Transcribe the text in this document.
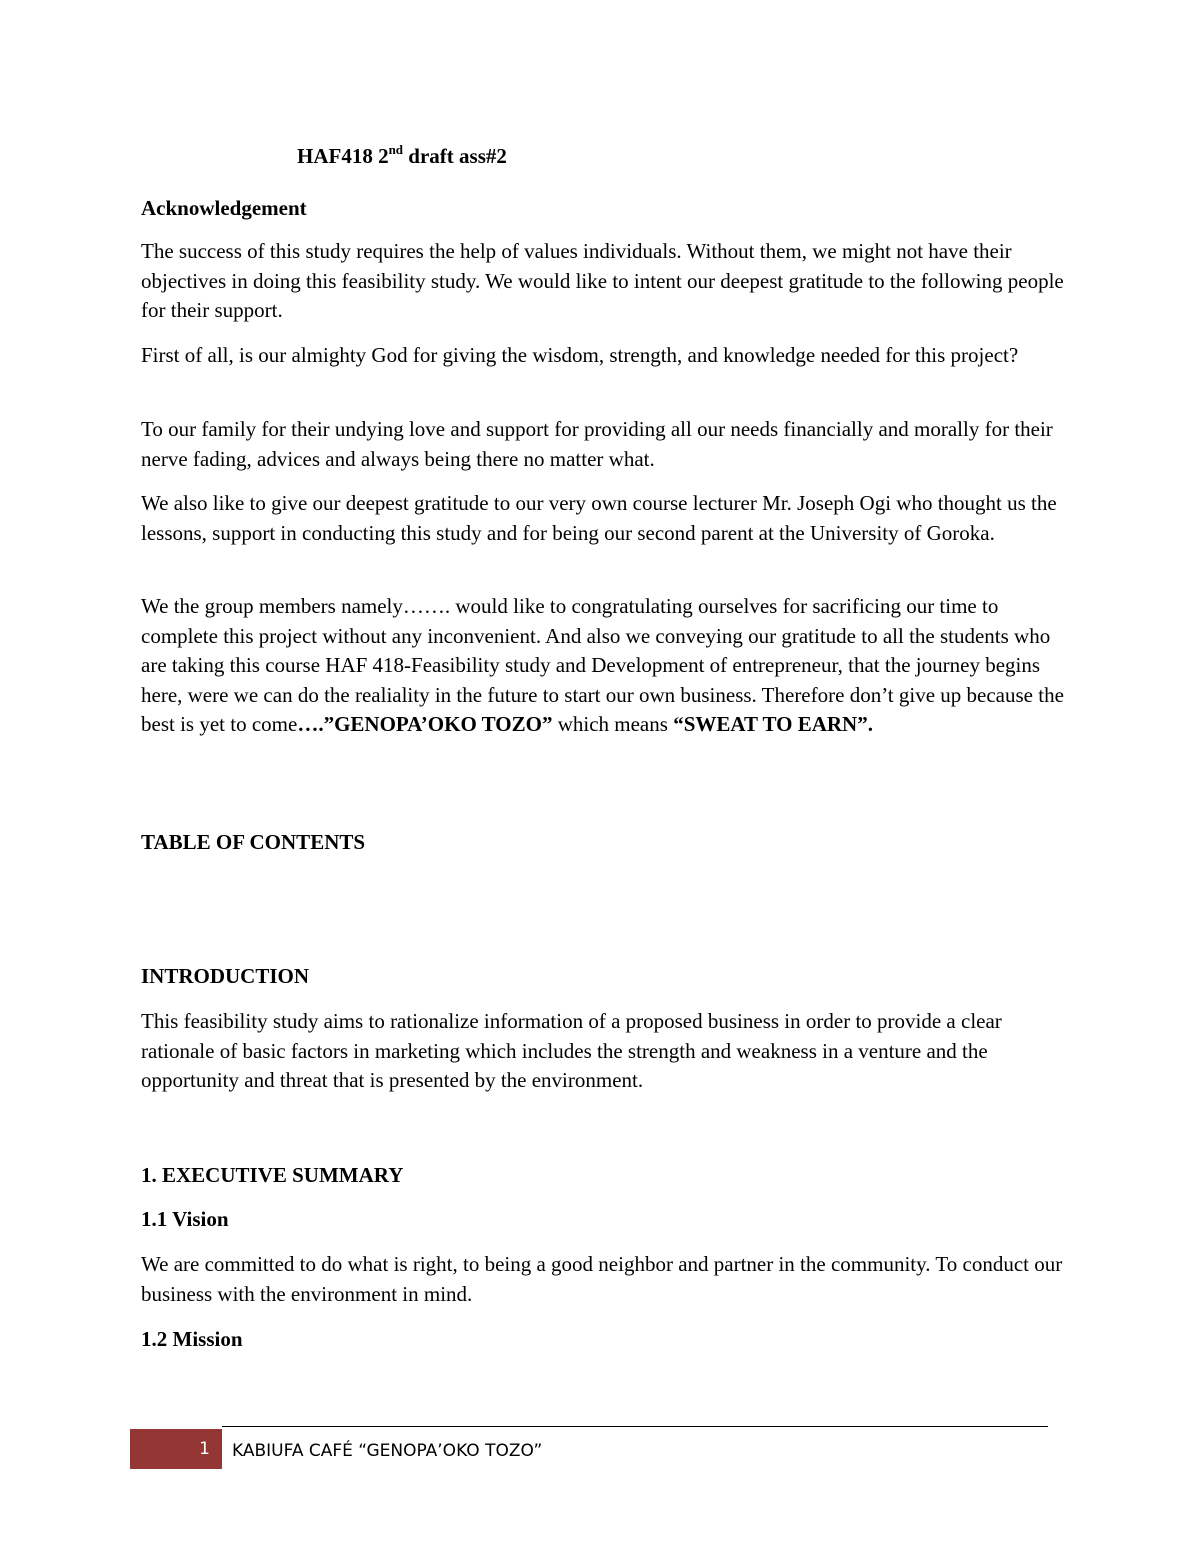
HAF418 2nd draft ass#2

Acknowledgement

The success of this study requires the help of values individuals. Without them, we might not have their objectives in doing this feasibility study. We would like to intent our deepest gratitude to the following people for their support.

First of all, is our almighty God for giving the wisdom, strength, and knowledge needed for this project?

To our family for their undying love and support for providing all our needs financially and morally for their nerve fading, advices and always being there no matter what.

We also like to give our deepest gratitude to our very own course lecturer Mr. Joseph Ogi who thought us the lessons, support in conducting this study and for being our second parent at the University of Goroka.

We the group members namely……. would like to congratulating ourselves for sacrificing our time to complete this project without any inconvenient. And also we conveying our gratitude to all the students who are taking this course HAF 418-Feasibility study and Development of entrepreneur, that the journey begins here, were we can do the realiality in the future to start our own business. Therefore don’t give up because the best is yet to come….”GENOPA’OKO TOZO” which means “SWEAT TO EARN”.

TABLE OF CONTENTS

INTRODUCTION

This feasibility study aims to rationalize information of a proposed business in order to provide a clear rationale of basic factors in marketing which includes the strength and weakness in a venture and the opportunity and threat that is presented by the environment.

1. EXECUTIVE SUMMARY

1.1 Vision

We are committed to do what is right, to being a good neighbor and partner in the community. To conduct our business with the environment in mind.

1.2 Mission

1 KABIUFA CAFÉ “GENOPA’OKO TOZO”
